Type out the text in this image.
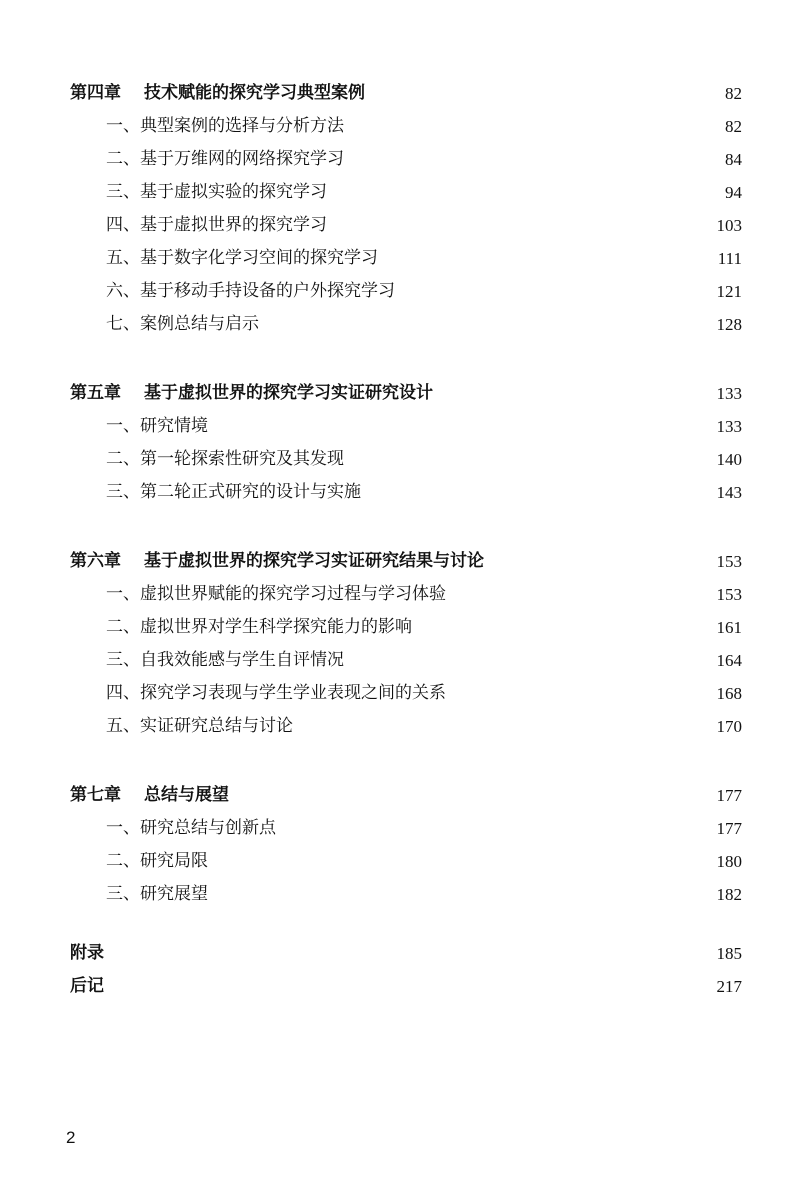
第四章 技术赋能的探究学习典型案例	82
一、典型案例的选择与分析方法	82
二、基于万维网的网络探究学习	84
三、基于虚拟实验的探究学习	94
四、基于虚拟世界的探究学习	103
五、基于数字化学习空间的探究学习	111
六、基于移动手持设备的户外探究学习	121
七、案例总结与启示	128
第五章 基于虚拟世界的探究学习实证研究设计	133
一、研究情境	133
二、第一轮探索性研究及其发现	140
三、第二轮正式研究的设计与实施	143
第六章 基于虚拟世界的探究学习实证研究结果与讨论	153
一、虚拟世界赋能的探究学习过程与学习体验	153
二、虚拟世界对学生科学探究能力的影响	161
三、自我效能感与学生自评情况	164
四、探究学习表现与学生学业表现之间的关系	168
五、实证研究总结与讨论	170
第七章 总结与展望	177
一、研究总结与创新点	177
二、研究局限	180
三、研究展望	182
附录	185
后记	217
2
